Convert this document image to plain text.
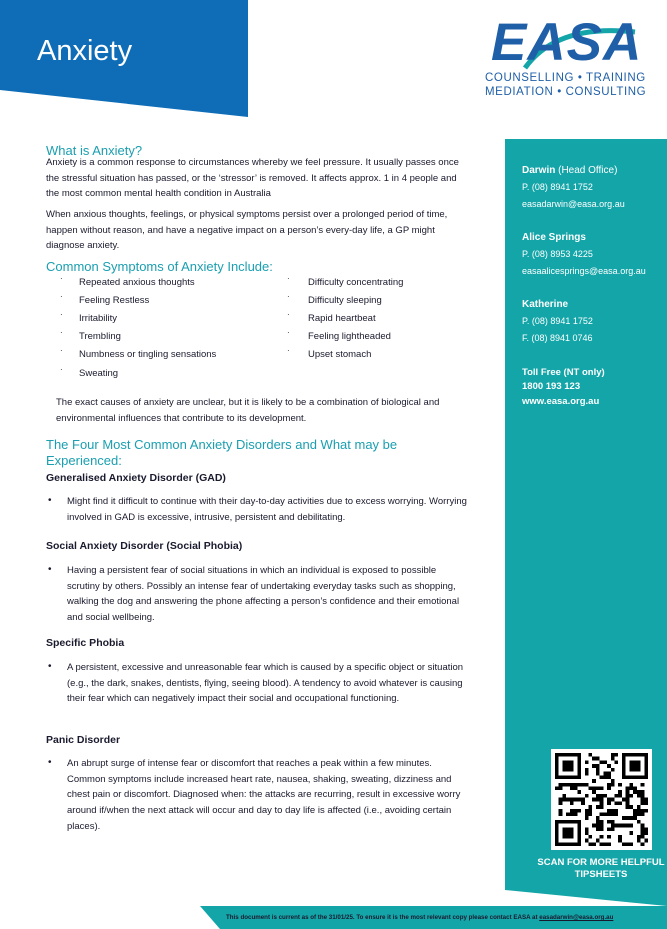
Anxiety	EASA
COUNSELLING • TRAINING
MEDIATION • CONSULTING
Darwin (Head Office)
P. (08) 8941 1752
easadarwin@easa.org.au
Alice Springs
P. (08) 8953 4225
easaalicesprings@easa.org.au
Katherine
P. (08) 8941 1752
F. (08) 8941 0746
Toll Free (NT only)
1800 193 123
www.easa.org.au
SCAN FOR MORE HELPFUL TIPSHEETS
What is Anxiety?
Anxiety is a common response to circumstances whereby we feel pressure. It usually passes once the stressful situation has passed, or the ‘stressor’ is removed. It affects approx. 1 in 4 people and the most common mental health condition in Australia
When anxious thoughts, feelings, or physical symptoms persist over a prolonged period of time, happen without reason, and have a negative impact on a person’s every-day life, a GP might diagnose anxiety.
Common Symptoms of Anxiety Include:
· Repeated anxious thoughts
· Feeling Restless
· Irritability
· Trembling
· Numbness or tingling sensations
· Sweating
· Difficulty concentrating
· Difficulty sleeping
· Rapid heartbeat
· Feeling lightheaded
· Upset stomach
The exact causes of anxiety are unclear, but it is likely to be a combination of biological and environmental influences that contribute to its development.
The Four Most Common Anxiety Disorders and What may be Experienced:
Generalised Anxiety Disorder (GAD)
• Might find it difficult to continue with their day-to-day activities due to excess worrying. Worrying involved in GAD is excessive, intrusive, persistent and debilitating.
Social Anxiety Disorder (Social Phobia)
• Having a persistent fear of social situations in which an individual is exposed to possible scrutiny by others. Possibly an intense fear of undertaking everyday tasks such as shopping, walking the dog and answering the phone affecting a person’s confidence and their emotional and social wellbeing.
Specific Phobia
• A persistent, excessive and unreasonable fear which is caused by a specific object or situation (e.g., the dark, snakes, dentists, flying, seeing blood). A tendency to avoid whatever is causing their fear which can negatively impact their social and occupational functioning.
Panic Disorder
• An abrupt surge of intense fear or discomfort that reaches a peak within a few minutes. Common symptoms include increased heart rate, nausea, shaking, sweating, dizziness and chest pain or discomfort. Diagnosed when: the attacks are recurring, result in excessive worry around if/when the next attack will occur and day to day life is affected (i.e., avoiding certain places).
This document is current as of the 31/01/25. To ensure it is the most relevant copy please contact EASA at easadarwin@easa.org.au
